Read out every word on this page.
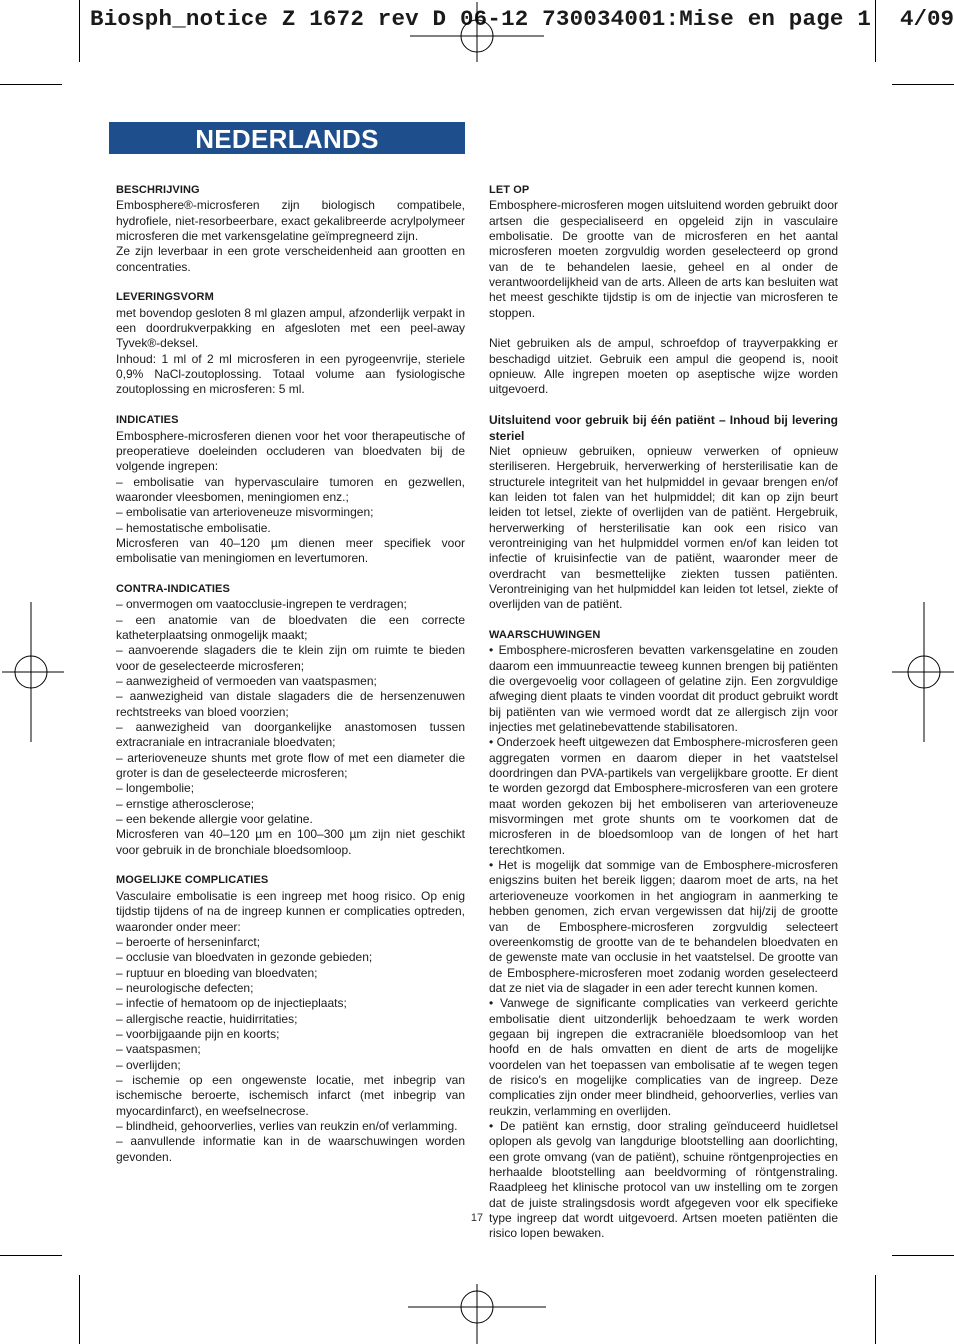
Biosph_notice Z 1672 rev D 06-12 730034001:Mise en page 1	4/09
NEDERLANDS
BESCHRIJVING
Embosphere®-microsferen zijn biologisch compatibele, hydrofiele, niet-resorbeerbare, exact gekalibreerde acrylpolymeer microsferen die met varkensgelatine geïmpregneerd zijn.
Ze zijn leverbaar in een grote verscheidenheid aan grootten en concentraties.
LEVERINGSVORM
met bovendop gesloten 8 ml glazen ampul, afzonderlijk verpakt in een doordrukverpakking en afgesloten met een peel-away Tyvek®-deksel.
Inhoud: 1 ml of 2 ml microsferen in een pyrogeenvrije, steriele 0,9% NaCl-zoutoplossing. Totaal volume aan fysiologische zoutoplossing en microsferen: 5 ml.
INDICATIES
Embosphere-microsferen dienen voor het voor therapeutische of preoperatieve doeleinden occluderen van bloedvaten bij de volgende ingrepen:
– embolisatie van hypervasculaire tumoren en gezwellen, waaronder vleesbomen, meningiomen enz.;
– embolisatie van arterioveneuze misvormingen;
– hemostatische embolisatie.
Microsferen van 40–120 µm dienen meer specifiek voor embolisatie van meningiomen en levertumoren.
CONTRA-INDICATIES
– onvermogen om vaatocclusie-ingrepen te verdragen;
– een anatomie van de bloedvaten die een correcte katheterplaatsing onmogelijk maakt;
– aanvoerende slagaders die te klein zijn om ruimte te bieden voor de geselecteerde microsferen;
– aanwezigheid of vermoeden van vaatspasmen;
– aanwezigheid van distale slagaders die de hersenzenuwen rechtstreeks van bloed voorzien;
– aanwezigheid van doorgankelijke anastomosen tussen extracraniale en intracraniale bloedvaten;
– arterioveneuze shunts met grote flow of met een diameter die groter is dan de geselecteerde microsferen;
– longembolie;
– ernstige atherosclerose;
– een bekende allergie voor gelatine.
Microsferen van 40–120 µm en 100–300 µm zijn niet geschikt voor gebruik in de bronchiale bloedsomloop.
MOGELIJKE COMPLICATIES
Vasculaire embolisatie is een ingreep met hoog risico. Op enig tijdstip tijdens of na de ingreep kunnen er complicaties optreden, waaronder onder meer:
– beroerte of herseninfarct;
– occlusie van bloedvaten in gezonde gebieden;
– ruptuur en bloeding van bloedvaten;
– neurologische defecten;
– infectie of hematoom op de injectieplaats;
– allergische reactie, huidirritaties;
– voorbijgaande pijn en koorts;
– vaatspasmen;
– overlijden;
– ischemie op een ongewenste locatie, met inbegrip van ischemische beroerte, ischemisch infarct (met inbegrip van myocardinfarct), en weefselnecrose.
– blindheid, gehoorverlies, verlies van reukzin en/of verlamming.
– aanvullende informatie kan in de waarschuwingen worden gevonden.
LET OP
Embosphere-microsferen mogen uitsluitend worden gebruikt door artsen die gespecialiseerd en opgeleid zijn in vasculaire embolisatie. De grootte van de microsferen en het aantal microsferen moeten zorgvuldig worden geselecteerd op grond van de te behandelen laesie, geheel en al onder de verantwoordelijkheid van de arts. Alleen de arts kan besluiten wat het meest geschikte tijdstip is om de injectie van microsferen te stoppen.
Niet gebruiken als de ampul, schroefdop of trayverpakking er beschadigd uitziet. Gebruik een ampul die geopend is, nooit opnieuw. Alle ingrepen moeten op aseptische wijze worden uitgevoerd.
Uitsluitend voor gebruik bij één patiënt – Inhoud bij levering steriel
Niet opnieuw gebruiken, opnieuw verwerken of opnieuw steriliseren. Hergebruik, herverwerking of hersterilisatie kan de structurele integriteit van het hulpmiddel in gevaar brengen en/of kan leiden tot falen van het hulpmiddel; dit kan op zijn beurt leiden tot letsel, ziekte of overlijden van de patiënt. Hergebruik, herverwerking of hersterilisatie kan ook een risico van verontreiniging van het hulpmiddel vormen en/of kan leiden tot infectie of kruisinfectie van de patiënt, waaronder meer de overdracht van besmettelijke ziekten tussen patiënten. Verontreiniging van het hulpmiddel kan leiden tot letsel, ziekte of overlijden van de patiënt.
WAARSCHUWINGEN
• Embosphere-microsferen bevatten varkensgelatine en zouden daarom een immuunreactie teweeg kunnen brengen bij patiënten die overgevoelig voor collageen of gelatine zijn. Een zorgvuldige afweging dient plaats te vinden voordat dit product gebruikt wordt bij patiënten van wie vermoed wordt dat ze allergisch zijn voor injecties met gelatinebevattende stabilisatoren.
• Onderzoek heeft uitgewezen dat Embosphere-microsferen geen aggregaten vormen en daarom dieper in het vaatstelsel doordringen dan PVA-partikels van vergelijkbare grootte. Er dient te worden gezorgd dat Embosphere-microsferen van een grotere maat worden gekozen bij het emboliseren van arterioveneuze misvormingen met grote shunts om te voorkomen dat de microsferen in de bloedsomloop van de longen of het hart terechtkomen.
• Het is mogelijk dat sommige van de Embosphere-microsferen enigszins buiten het bereik liggen; daarom moet de arts, na het arterioveneuze voorkomen in het angiogram in aanmerking te hebben genomen, zich ervan vergewissen dat hij/zij de grootte van de Embosphere-microsferen zorgvuldig selecteert overeenkomstig de grootte van de te behandelen bloedvaten en de gewenste mate van occlusie in het vaatstelsel. De grootte van de Embosphere-microsferen moet zodanig worden geselecteerd dat ze niet via de slagader in een ader terecht kunnen komen.
• Vanwege de significante complicaties van verkeerd gerichte embolisatie dient uitzonderlijk behoedzaam te werk worden gegaan bij ingrepen die extracraniële bloedsomloop van het hoofd en de hals omvatten en dient de arts de mogelijke voordelen van het toepassen van embolisatie af te wegen tegen de risico's en mogelijke complicaties van de ingreep. Deze complicaties zijn onder meer blindheid, gehoorverlies, verlies van reukzin, verlamming en overlijden.
• De patiënt kan ernstig, door straling geïnduceerd huidletsel oplopen als gevolg van langdurige blootstelling aan doorlichting, een grote omvang (van de patiënt), schuine röntgenprojecties en herhaalde blootstelling aan beeldvorming of röntgenstraling. Raadpleeg het klinische protocol van uw instelling om te zorgen dat de juiste stralingsdosis wordt afgegeven voor elk specifieke type ingreep dat wordt uitgevoerd. Artsen moeten patiënten die risico lopen bewaken.
17
